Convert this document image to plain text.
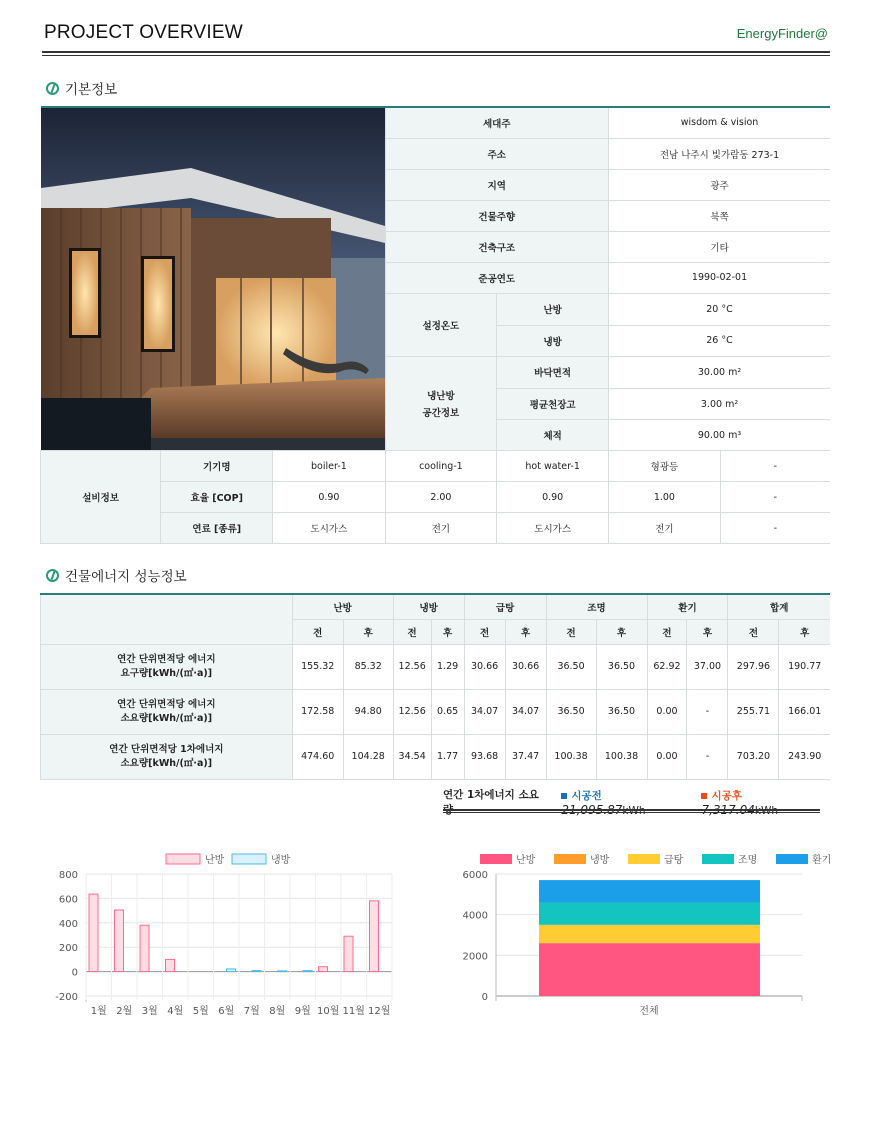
PROJECT OVERVIEW	EnergyFinder@
기본정보
	세대주		wisdom & vision	
			주소		전남 나주시 빛가람동 273-1	
			지역		광주	
			건물주향		북쪽	
			건축구조		기타	
			준공연도		1990-02-01	
			설정온도	난방	20 °C	
				냉방	26 °C	

			냉난방
공간정보	바닥면적	30.00 m²	
				평균천장고	3.00 m²	
				체적	90.00 m³	
설비정보	기기명	boiler-1	cooling-1	hot water-1	형광등	-
	효율 [COP]	0.90	2.00	0.90	1.00	-
	연료 [종류]	도시가스	전기	도시가스	전기	-
건물에너지 성능정보
	난방		냉방		급탕		조명		환기		합계	
	전	후	전	후	전	후	전	후	전	후	전	후

연간 단위면적당 에너지
요구량[kWh/(㎡·a)]	155.32	85.32	12.56	1.29	30.66	30.66	36.50	36.50	62.92	37.00	297.96	190.77

연간 단위면적당 에너지
소요량[kWh/(㎡·a)]	172.58	94.80	12.56	0.65	34.07	34.07	36.50	36.50	0.00	-	255.71	166.01

연간 단위면적당 1차에너지
소요량[kWh/(㎡·a)]	474.60	104.28	34.54	1.77	93.68	37.47	100.38	100.38	0.00	-	703.20	243.90
연간 1차에너지 소요	시공전	시공후
난방	냉방
800
600
400
200
0
-200
1월 2월 3월 4월 5월 6월 7월 8월 9월 10월 11월 12월
난방	냉방	급탕	조명	환기
6000
4000
2000
0
전체
